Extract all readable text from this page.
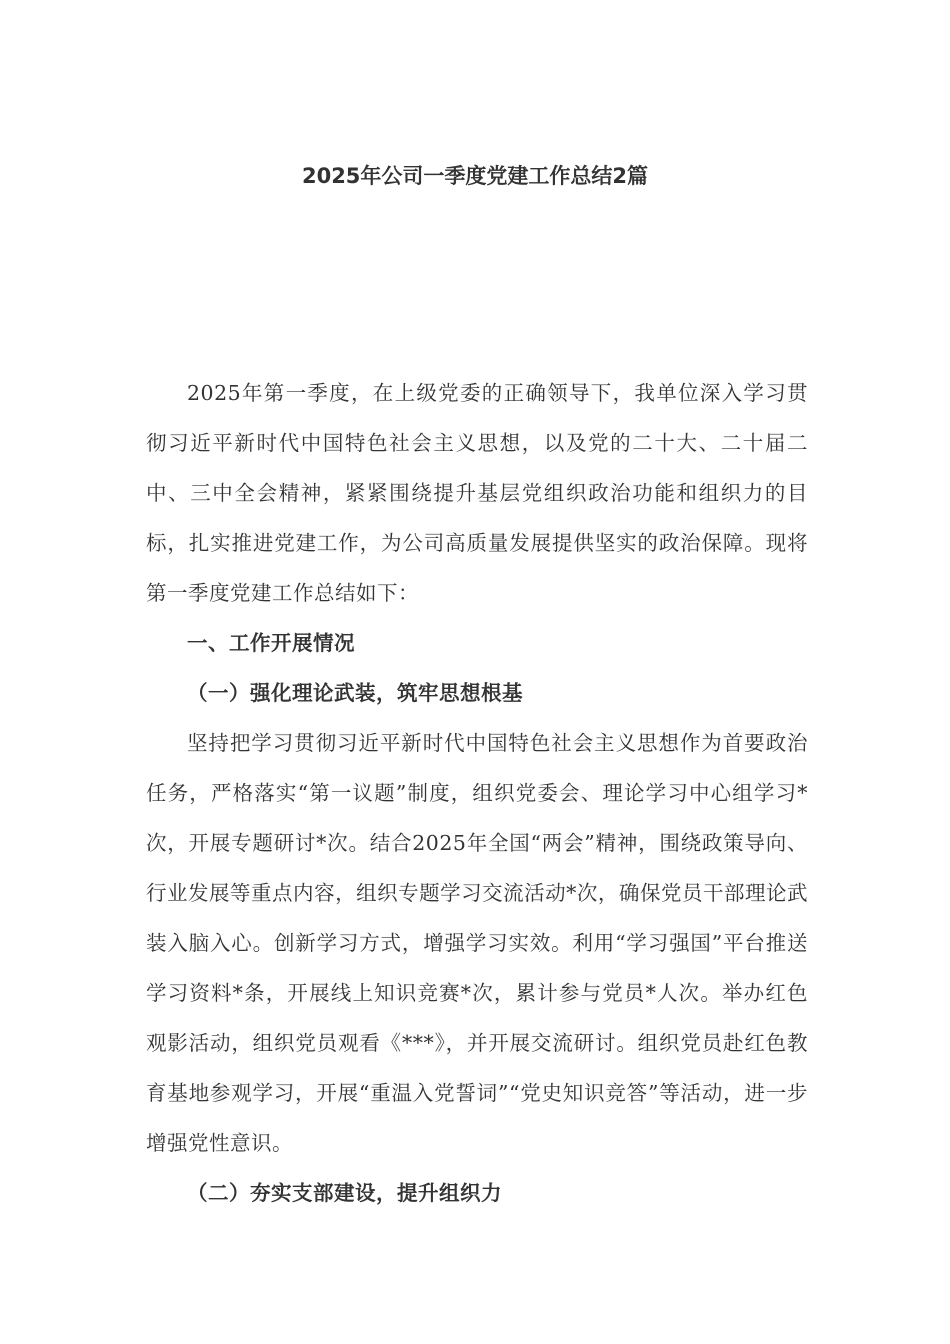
2025年公司一季度党建工作总结2篇

2025年第一季度，在上级党委的正确领导下，我单位深入学习贯彻习近平新时代中国特色社会主义思想，以及党的二十大、二十届二中、三中全会精神，紧紧围绕提升基层党组织政治功能和组织力的目标，扎实推进党建工作，为公司高质量发展提供坚实的政治保障。现将第一季度党建工作总结如下：

一、工作开展情况

（一）强化理论武装，筑牢思想根基

坚持把学习贯彻习近平新时代中国特色社会主义思想作为首要政治任务，严格落实“第一议题”制度，组织党委会、理论学习中心组学习*次，开展专题研讨*次。结合2025年全国“两会”精神，围绕政策导向、行业发展等重点内容，组织专题学习交流活动*次，确保党员干部理论武装入脑入心。创新学习方式，增强学习实效。利用“学习强国”平台推送学习资料*条，开展线上知识竞赛*次，累计参与党员*人次。举办红色观影活动，组织党员观看《***》，并开展交流研讨。组织党员赴红色教育基地参观学习，开展“重温入党誓词”“党史知识竞答”等活动，进一步增强党性意识。

（二）夯实支部建设，提升组织力
